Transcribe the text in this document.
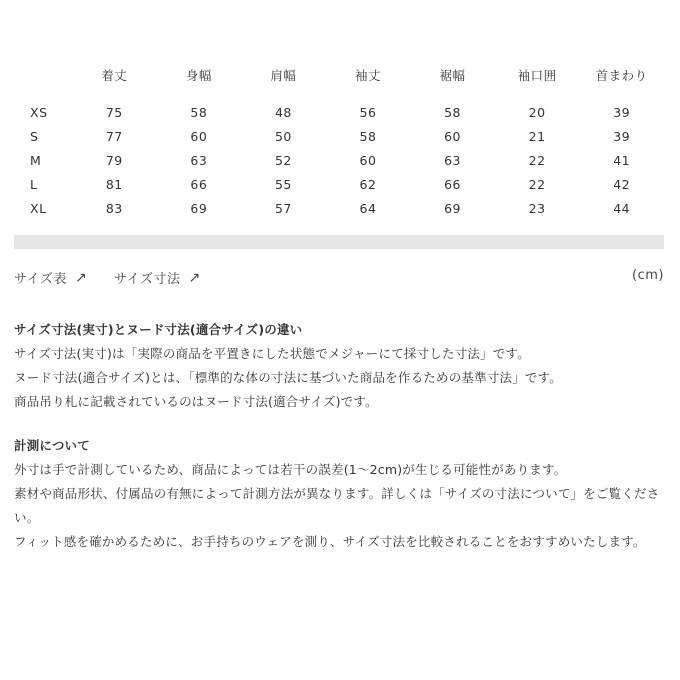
	着丈	身幅	肩幅	袖丈	裾幅	袖口囲	首まわり
XS	75	58	48	56	58	20	39
S	77	60	50	58	60	21	39
M	79	63	52	60	63	22	41
L	81	66	55	62	66	22	42
XL	83	69	57	64	69	23	44
サイズ表 ↗ サイズ寸法 ↗	(cm)
サイズ寸法(実寸)とヌード寸法(適合サイズ)の違い

サイズ寸法(実寸)は「実際の商品を平置きにした状態でメジャーにて採寸した寸法」です。

ヌード寸法(適合サイズ)とは、「標準的な体の寸法に基づいた商品を作るための基準寸法」です。

商品吊り札に記載されているのはヌード寸法(適合サイズ)です。

計測について

外寸は手で計測しているため、商品によっては若干の誤差(1〜2cm)が生じる可能性があります。

素材や商品形状、付属品の有無によって計測方法が異なります。詳しくは「サイズの寸法について」をご覧ください。

フィット感を確かめるために、お手持ちのウェアを測り、サイズ寸法を比較されることをおすすめいたします。
